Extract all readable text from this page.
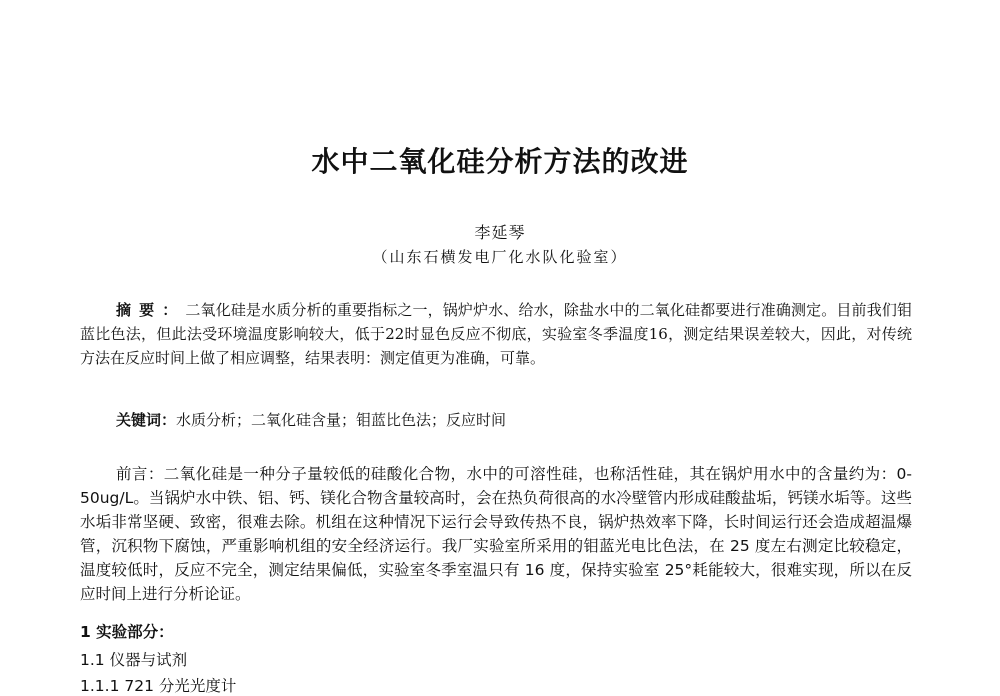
水中二氧化硅分析方法的改进
李延琴
（山东石横发电厂化水队化验室）

摘要：二氧化硅是水质分析的重要指标之一，锅炉炉水、给水，除盐水中的二氧化硅都要进行准确测定。目前我们钼蓝比色法，但此法受环境温度影响较大，低于22时显色反应不彻底，实验室冬季温度16，测定结果误差较大，因此，对传统方法在反应时间上做了相应调整，结果表明：测定值更为准确，可靠。

关键词：水质分析；二氧化硅含量；钼蓝比色法；反应时间

前言：二氧化硅是一种分子量较低的硅酸化合物，水中的可溶性硅，也称活性硅，其在锅炉用水中的含量约为：0-50ug/L。当锅炉水中铁、铝、钙、镁化合物含量较高时，会在热负荷很高的水冷壁管内形成硅酸盐垢，钙镁水垢等。这些水垢非常坚硬、致密，很难去除。机组在这种情况下运行会导致传热不良，锅炉热效率下降，长时间运行还会造成超温爆管，沉积物下腐蚀，严重影响机组的安全经济运行。我厂实验室所采用的钼蓝光电比色法，在 25 度左右测定比较稳定，温度较低时，反应不完全，测定结果偏低，实验室冬季室温只有 16 度，保持实验室 25°耗能较大，很难实现，所以在反应时间上进行分析论证。

1 实验部分：

1.1 仪器与试剂

1.1.1 721 分光光度计
